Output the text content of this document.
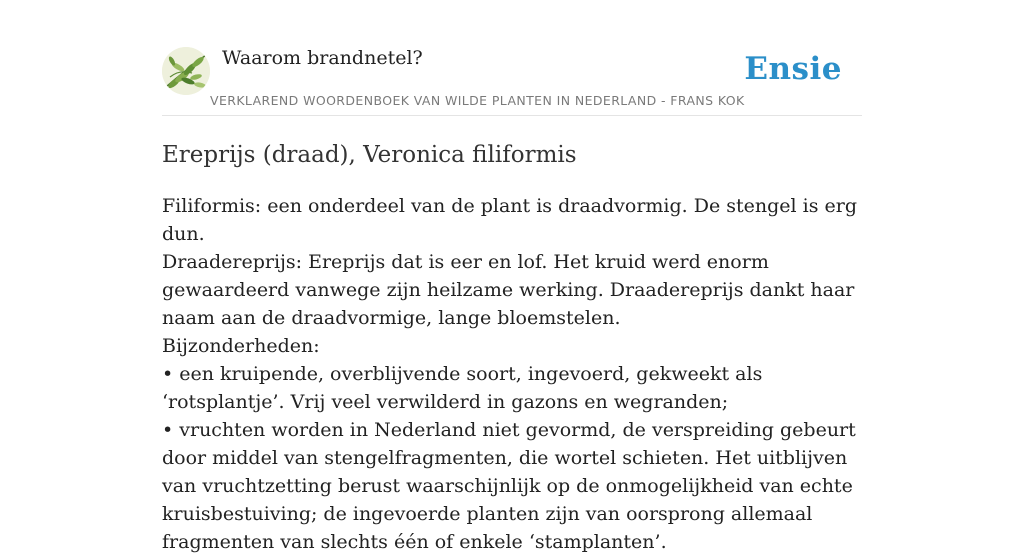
Waarom brandnetel?	Ensie
VERKLAREND WOORDENBOEK VAN WILDE PLANTEN IN NEDERLAND - FRANS KOK
Ereprijs (draad), Veronica filiformis

Filiformis: een onderdeel van de plant is draadvormig. De stengel is erg dun.

Draadereprijs: Ereprijs dat is eer en lof. Het kruid werd enorm gewaardeerd vanwege zijn heilzame werking. Draadereprijs dankt haar naam aan de draadvormige, lange bloemstelen.

Bijzonderheden:

• een kruipende, overblijvende soort, ingevoerd, gekweekt als ‘rotsplantje’. Vrij veel verwilderd in gazons en wegranden;

• vruchten worden in Nederland niet gevormd, de verspreiding gebeurt door middel van stengelfragmenten, die wortel schieten. Het uitblijven van vruchtzetting berust waarschijnlijk op de onmogelijkheid van echte kruisbestuiving; de ingevoerde planten zijn van oorsprong allemaal fragmenten van slechts één of enkele ‘stamplanten’.
